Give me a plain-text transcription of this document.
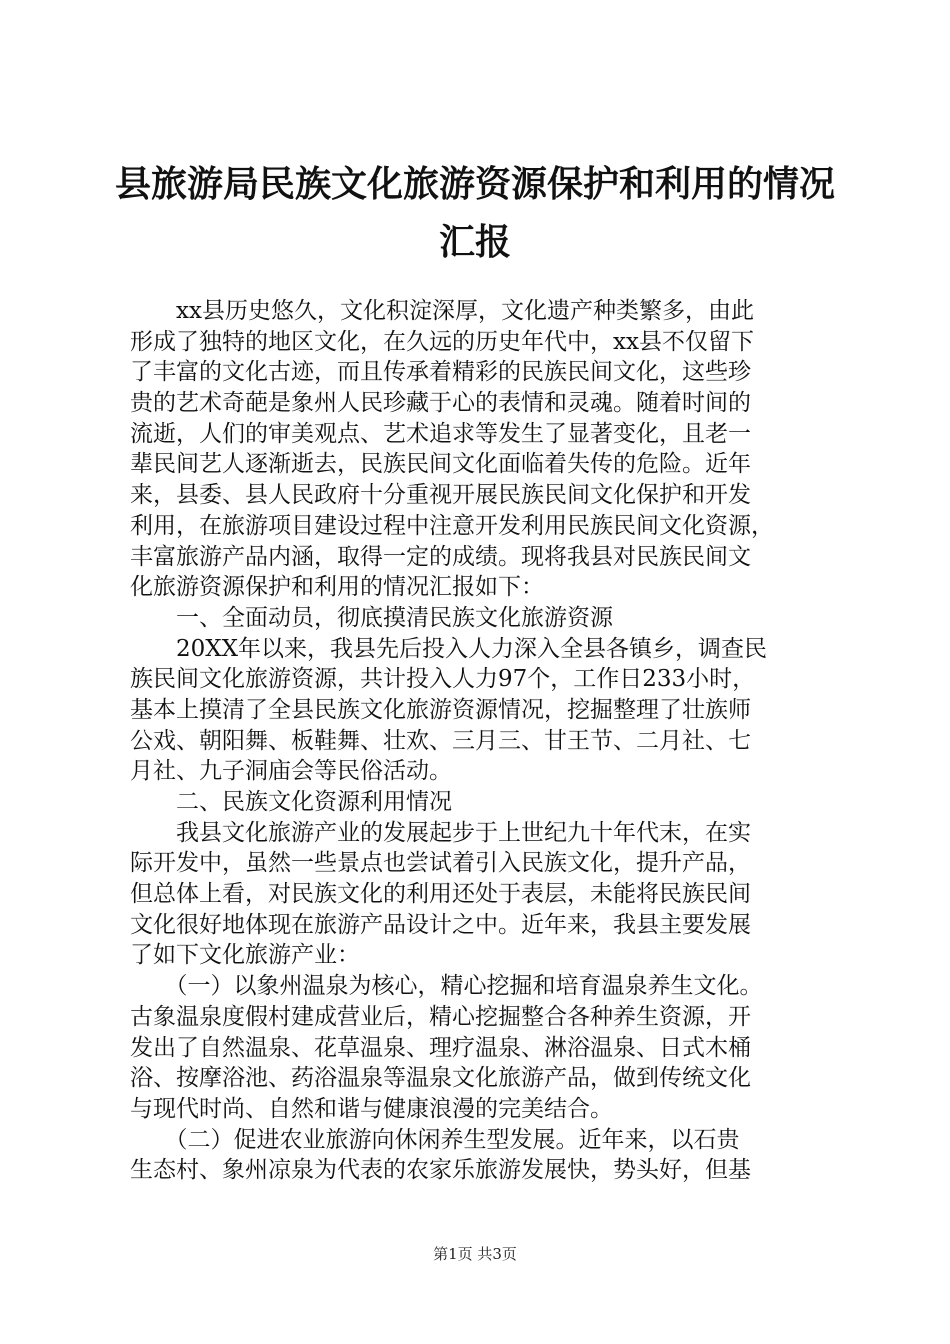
县旅游局民族文化旅游资源保护和利用的情况
汇报
　　xx县历史悠久，文化积淀深厚，文化遗产种类繁多，由此
形成了独特的地区文化，在久远的历史年代中，xx县不仅留下
了丰富的文化古迹，而且传承着精彩的民族民间文化，这些珍
贵的艺术奇葩是象州人民珍藏于心的表情和灵魂。随着时间的
流逝，人们的审美观点、艺术追求等发生了显著变化，且老一
辈民间艺人逐渐逝去，民族民间文化面临着失传的危险。近年
来，县委、县人民政府十分重视开展民族民间文化保护和开发
利用，在旅游项目建设过程中注意开发利用民族民间文化资源，
丰富旅游产品内涵，取得一定的成绩。现将我县对民族民间文
化旅游资源保护和利用的情况汇报如下：
　　一、全面动员，彻底摸清民族文化旅游资源
　　20XX年以来，我县先后投入人力深入全县各镇乡，调查民
族民间文化旅游资源，共计投入人力97个，工作日233小时，
基本上摸清了全县民族文化旅游资源情况，挖掘整理了壮族师
公戏、朝阳舞、板鞋舞、壮欢、三月三、甘王节、二月社、七
月社、九子洞庙会等民俗活动。
　　二、民族文化资源利用情况
　　我县文化旅游产业的发展起步于上世纪九十年代末，在实
际开发中，虽然一些景点也尝试着引入民族文化，提升产品，
但总体上看，对民族文化的利用还处于表层，未能将民族民间
文化很好地体现在旅游产品设计之中。近年来，我县主要发展
了如下文化旅游产业：
　　（一）以象州温泉为核心，精心挖掘和培育温泉养生文化。
古象温泉度假村建成营业后，精心挖掘整合各种养生资源，开
发出了自然温泉、花草温泉、理疗温泉、淋浴温泉、日式木桶
浴、按摩浴池、药浴温泉等温泉文化旅游产品，做到传统文化
与现代时尚、自然和谐与健康浪漫的完美结合。
　　（二）促进农业旅游向休闲养生型发展。近年来，以石贵
生态村、象州凉泉为代表的农家乐旅游发展快，势头好，但基
第1页 共3页
